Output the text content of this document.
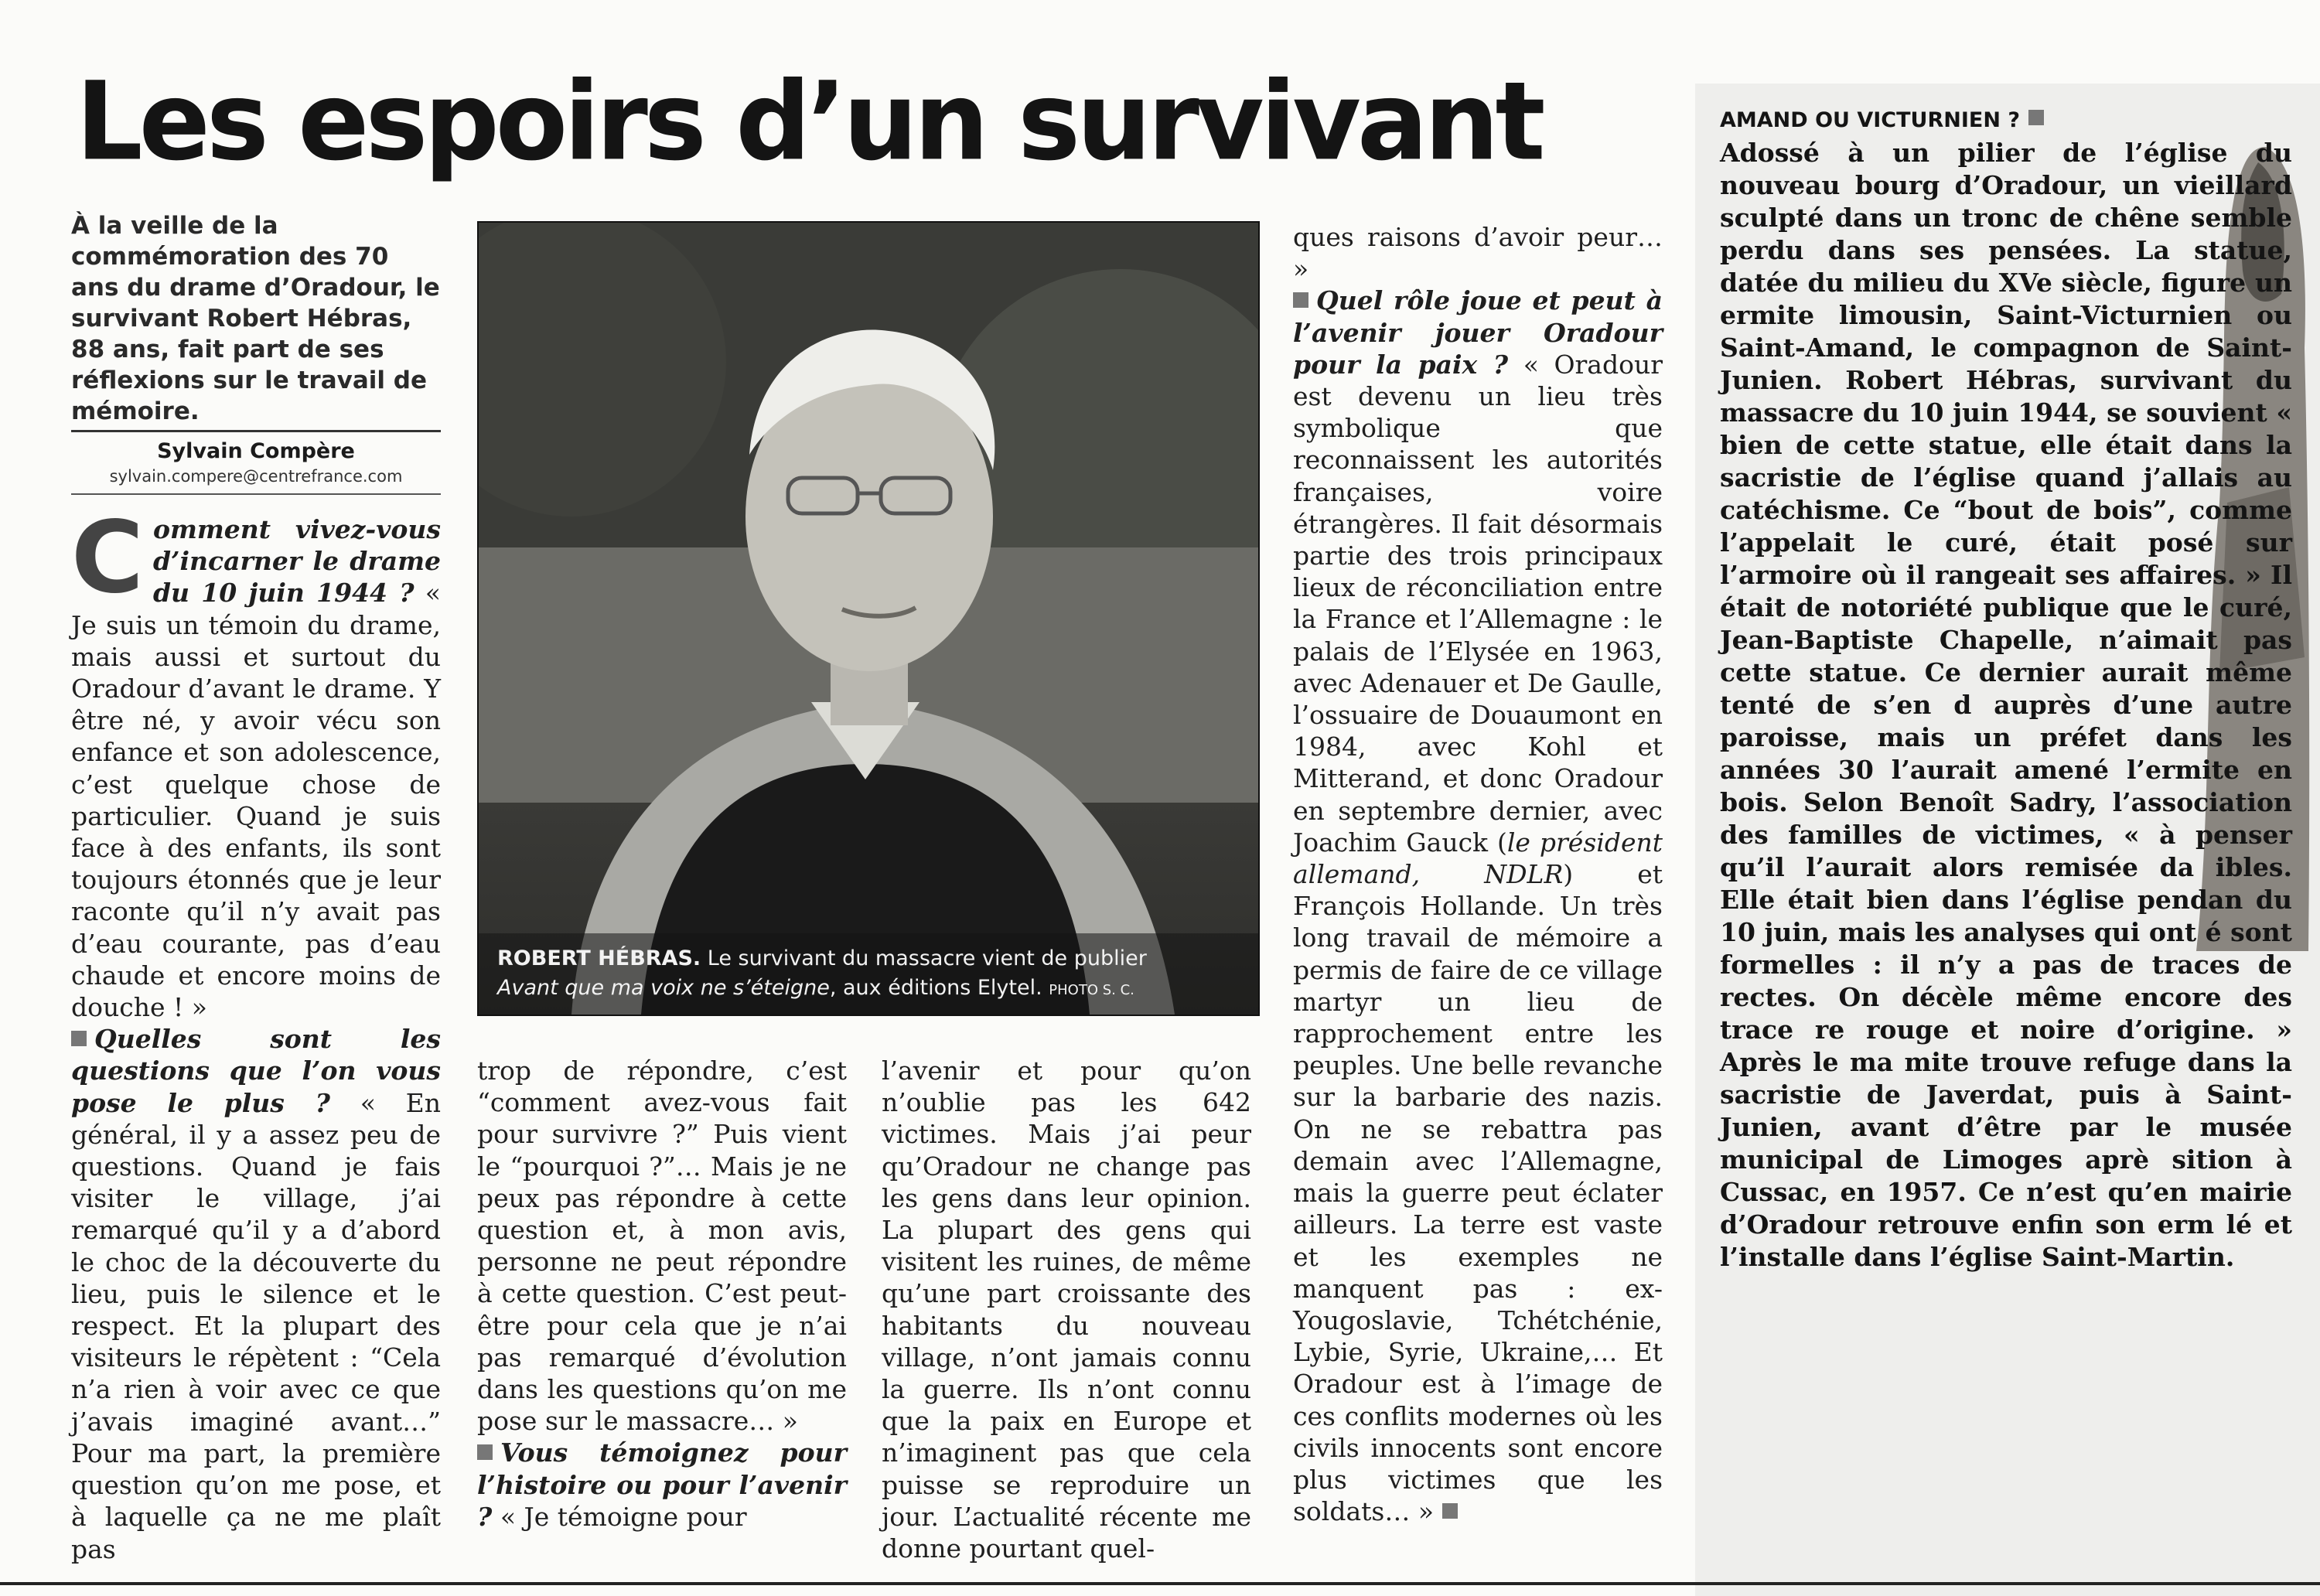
Les espoirs d’un survivant

À la veille de la commémoration des 70 ans du drame d’Oradour, le survivant Robert Hébras, 88 ans, fait part de ses réflexions sur le travail de mémoire.

Sylvain Compère
sylvain.compere@centrefrance.com

Comment vivez-vous d’incarner le drame du 10 juin 1944 ? « Je suis un témoin du drame, mais aussi et surtout du Oradour d’avant le drame. Y être né, y avoir vécu son enfance et son adolescence, c’est quelque chose de particulier. Quand je suis face à des enfants, ils sont toujours étonnés que je leur raconte qu’il n’y avait pas d’eau courante, pas d’eau chaude et encore moins de douche ! »

Quelles sont les questions que l’on vous pose le plus ? « En général, il y a assez peu de questions. Quand je fais visiter le village, j’ai remarqué qu’il y a d’abord le choc de la découverte du lieu, puis le silence et le respect. Et la plupart des visiteurs le répètent : “Cela n’a rien à voir avec ce que j’avais imaginé avant…” Pour ma part, la première question qu’on me pose, et à laquelle ça ne me plaît pas

ROBERT HÉBRAS. Le survivant du massacre vient de publier
Avant que ma voix ne s’éteigne, aux éditions Elytel. PHOTO S. C.

trop de répondre, c’est “comment avez-vous fait pour survivre ?” Puis vient le “pourquoi ?”… Mais je ne peux pas répondre à cette question et, à mon avis, personne ne peut répondre à cette question. C’est peut-être pour cela que je n’ai pas remarqué d’évolution dans les questions qu’on me pose sur le massacre… »

Vous témoignez pour l’histoire ou pour l’avenir ? « Je témoigne pour

l’avenir et pour qu’on n’oublie pas les 642 victimes. Mais j’ai peur qu’Oradour ne change pas les gens dans leur opinion. La plupart des gens qui visitent les ruines, de même qu’une part croissante des habitants du nouveau village, n’ont jamais connu la guerre. Ils n’ont connu que la paix en Europe et n’imaginent pas que cela puisse se reproduire un jour. L’actualité récente me donne pourtant quel-

ques raisons d’avoir peur… »

Quel rôle joue et peut à l’avenir jouer Oradour pour la paix ? « Oradour est devenu un lieu très symbolique que reconnaissent les autorités françaises, voire étrangères. Il fait désormais partie des trois principaux lieux de réconciliation entre la France et l’Allemagne : le palais de l’Elysée en 1963, avec Adenauer et De Gaulle, l’ossuaire de Douaumont en 1984, avec Kohl et Mitterand, et donc Oradour en septembre dernier, avec Joachim Gauck (le président allemand, NDLR) et François Hollande. Un très long travail de mémoire a permis de faire de ce village martyr un lieu de rapprochement entre les peuples. Une belle revanche sur la barbarie des nazis. On ne se rebattra pas demain avec l’Allemagne, mais la guerre peut éclater ailleurs. La terre est vaste et les exemples ne manquent pas : ex-Yougoslavie, Tchétchénie, Lybie, Syrie, Ukraine,… Et Oradour est à l’image de ces conflits modernes où les civils innocents sont encore plus victimes que les soldats… »

AMAND OU VICTURNIEN ?

Adossé à un pilier de l’église du nouveau bourg d’Oradour, un vieillard sculpté dans un tronc de chêne semble perdu dans ses pensées. La statue, datée du milieu du XVe siècle, figure un ermite limousin, Saint-Victurnien ou Saint-Amand, le compagnon de Saint-Junien. Robert Hébras, survivant du massacre du 10 juin 1944, se souvient « bien de cette statue, elle était dans la sacristie de l’église quand j’allais au catéchisme. Ce “bout de bois”, comme l’appelait le curé, était posé sur l’armoire où il rangeait ses affaires. » Il était de notoriété publique que le curé, Jean-Baptiste Chapelle, n’aimait pas cette statue. Ce dernier aurait même tenté de s’en d auprès d’une autre paroisse, mais un préfet dans les années 30 l’aurait amené l’ermite en bois. Selon Benoît Sadry, l’association des familles de victimes, « à penser qu’il l’aurait alors remisée da ibles. Elle était bien dans l’église pendan du 10 juin, mais les analyses qui ont é sont formelles : il n’y a pas de traces de rectes. On décèle même encore des trace re rouge et noire d’origine. » Après le ma mite trouve refuge dans la sacristie de Javerdat, puis à Saint-Junien, avant d’être par le musée municipal de Limoges aprè sition à Cussac, en 1957. Ce n’est qu’en mairie d’Oradour retrouve enfin son erm lé et l’installe dans l’église Saint-Martin.
